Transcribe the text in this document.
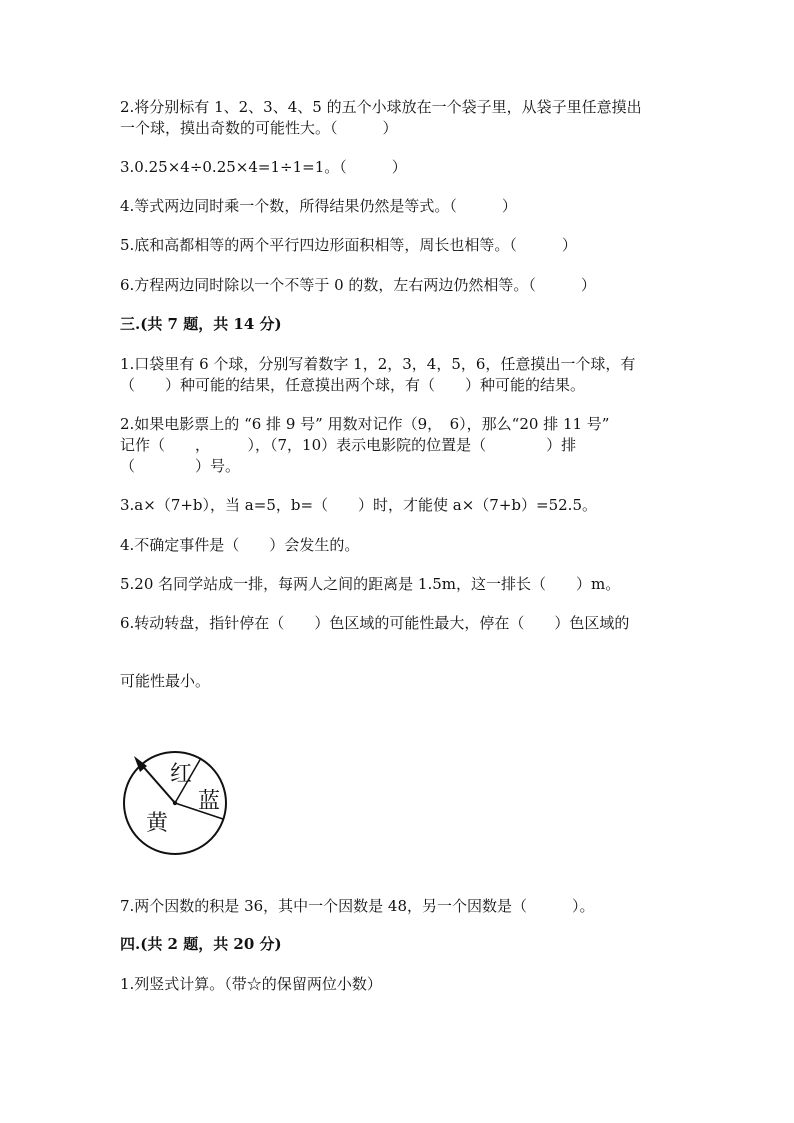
2.将分别标有 1、2、3、4、5 的五个小球放在一个袋子里，从袋子里任意摸出
一个球，摸出奇数的可能性大。（　　　）
3.0.25×4÷0.25×4=1÷1=1。（　　　）
4.等式两边同时乘一个数，所得结果仍然是等式。（　　　）
5.底和高都相等的两个平行四边形面积相等，周长也相等。（　　　）
6.方程两边同时除以一个不等于 0 的数，左右两边仍然相等。（　　　）
三.(共 7 题，共 14 分)
1.口袋里有 6 个球，分别写着数字 1，2，3，4，5，6，任意摸出一个球，有
（　　）种可能的结果，任意摸出两个球，有（　　）种可能的结果。
2.如果电影票上的 “6 排 9 号” 用数对记作（9，　6），那么“20 排 11 号”
记作（　　，　　　），（7，10）表示电影院的位置是（　　　　）排
（　　　　）号。
3.a×（7+b），当 a=5，b=（　　）时，才能使 a×（7+b）=52.5。
4.不确定事件是（　　）会发生的。
5.20 名同学站成一排，每两人之间的距离是 1.5m，这一排长（　　）m。
6.转动转盘，指针停在（　　）色区域的可能性最大，停在（　　）色区域的
可能性最小。
红
蓝
黄
7.两个因数的积是 36，其中一个因数是 48，另一个因数是（　　　）。
四.(共 2 题，共 20 分)
1.列竖式计算。（带☆的保留两位小数）
